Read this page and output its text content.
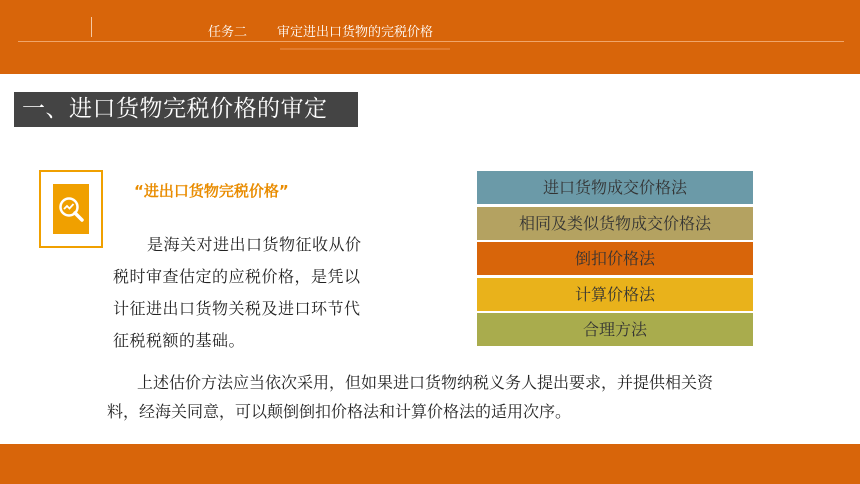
任务二 审定进出口货物的完税价格
一、进口货物完税价格的审定
“进出口货物完税价格”
是海关对进出口货物征收从价
税时审查估定的应税价格，是凭以
计征进出口货物关税及进口环节代
征税税额的基础。
进口货物成交价格法
相同及类似货物成交价格法
倒扣价格法
计算价格法
合理方法
上述估价方法应当依次采用，但如果进口货物纳税义务人提出要求，并提供相关资
料，经海关同意，可以颠倒倒扣价格法和计算价格法的适用次序。
